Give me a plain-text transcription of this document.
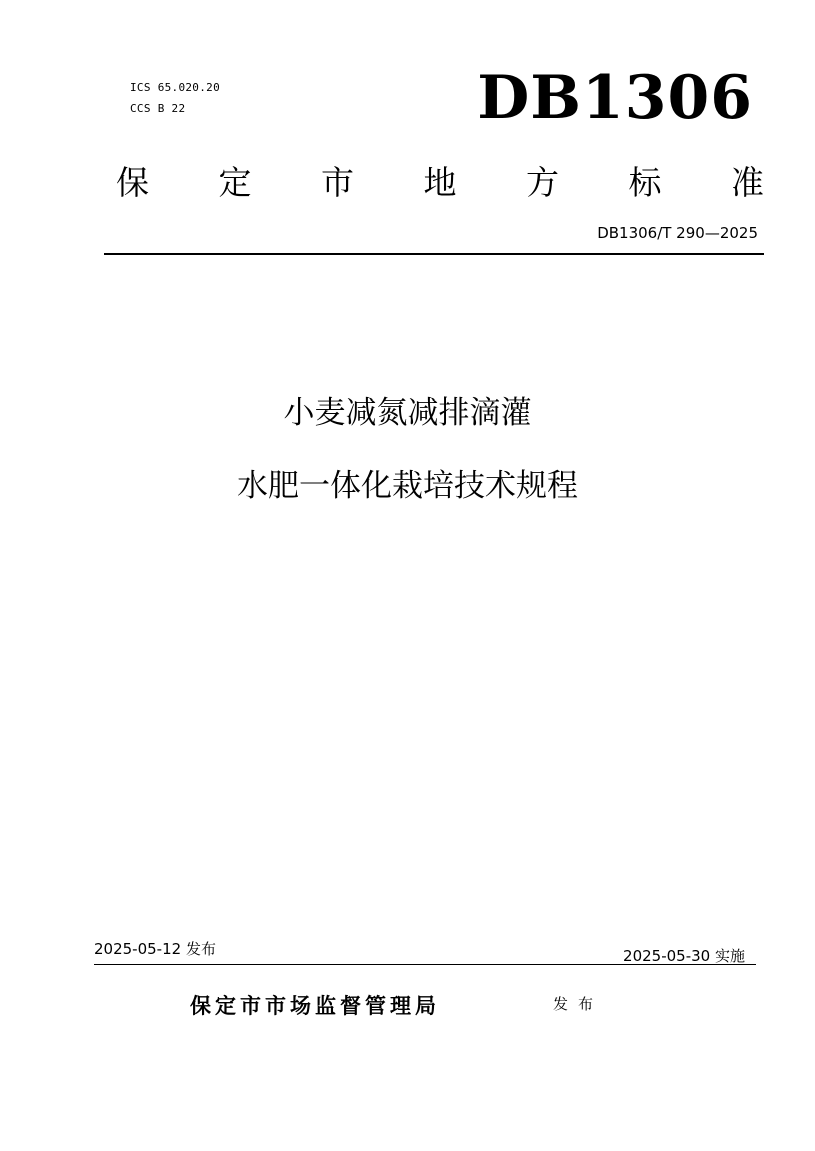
ICS 65.020.20
CCS B 22	DB1306
保 定 市 地 方 标 准
DB1306/T 290—2025
小麦减氮减排滴灌
水肥一体化栽培技术规程
2025-05-12 发布	2025-05-30 实施
保定市市场监督管理局	发布
